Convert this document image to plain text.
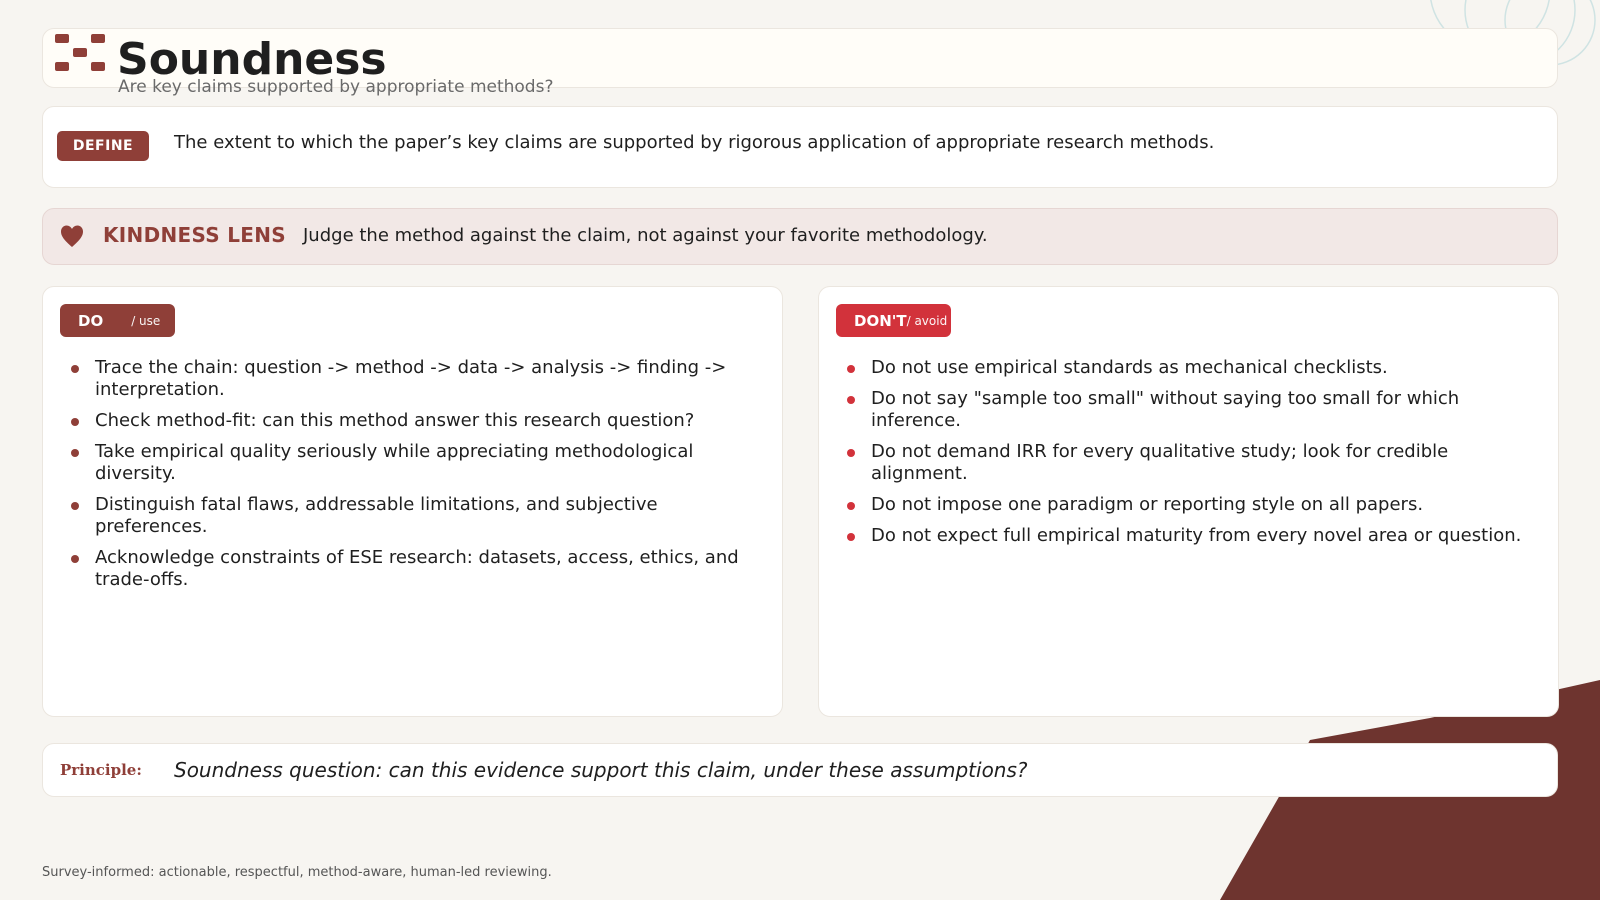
Soundness
Are key claims supported by appropriate methods?
DEFINE	The extent to which the paper’s key claims are supported by rigorous application of appropriate research methods.
KINDNESS LENS Judge the method against the claim, not against your favorite methodology.
DO / use
Trace the chain: question -> method -> data -> analysis -> finding -> interpretation.
Check method-fit: can this method answer this research question?
Take empirical quality seriously while appreciating methodological diversity.
Distinguish fatal flaws, addressable limitations, and subjective preferences.
Acknowledge constraints of ESE research: datasets, access, ethics, and trade-offs.
DON'T / avoid
Do not use empirical standards as mechanical checklists.
Do not say "sample too small" without saying too small for which inference.
Do not demand IRR for every qualitative study; look for credible alignment.
Do not impose one paradigm or reporting style on all papers.
Do not expect full empirical maturity from every novel area or question.
Principle: Soundness question: can this evidence support this claim, under these assumptions?
Survey-informed: actionable, respectful, method-aware, human-led reviewing.
